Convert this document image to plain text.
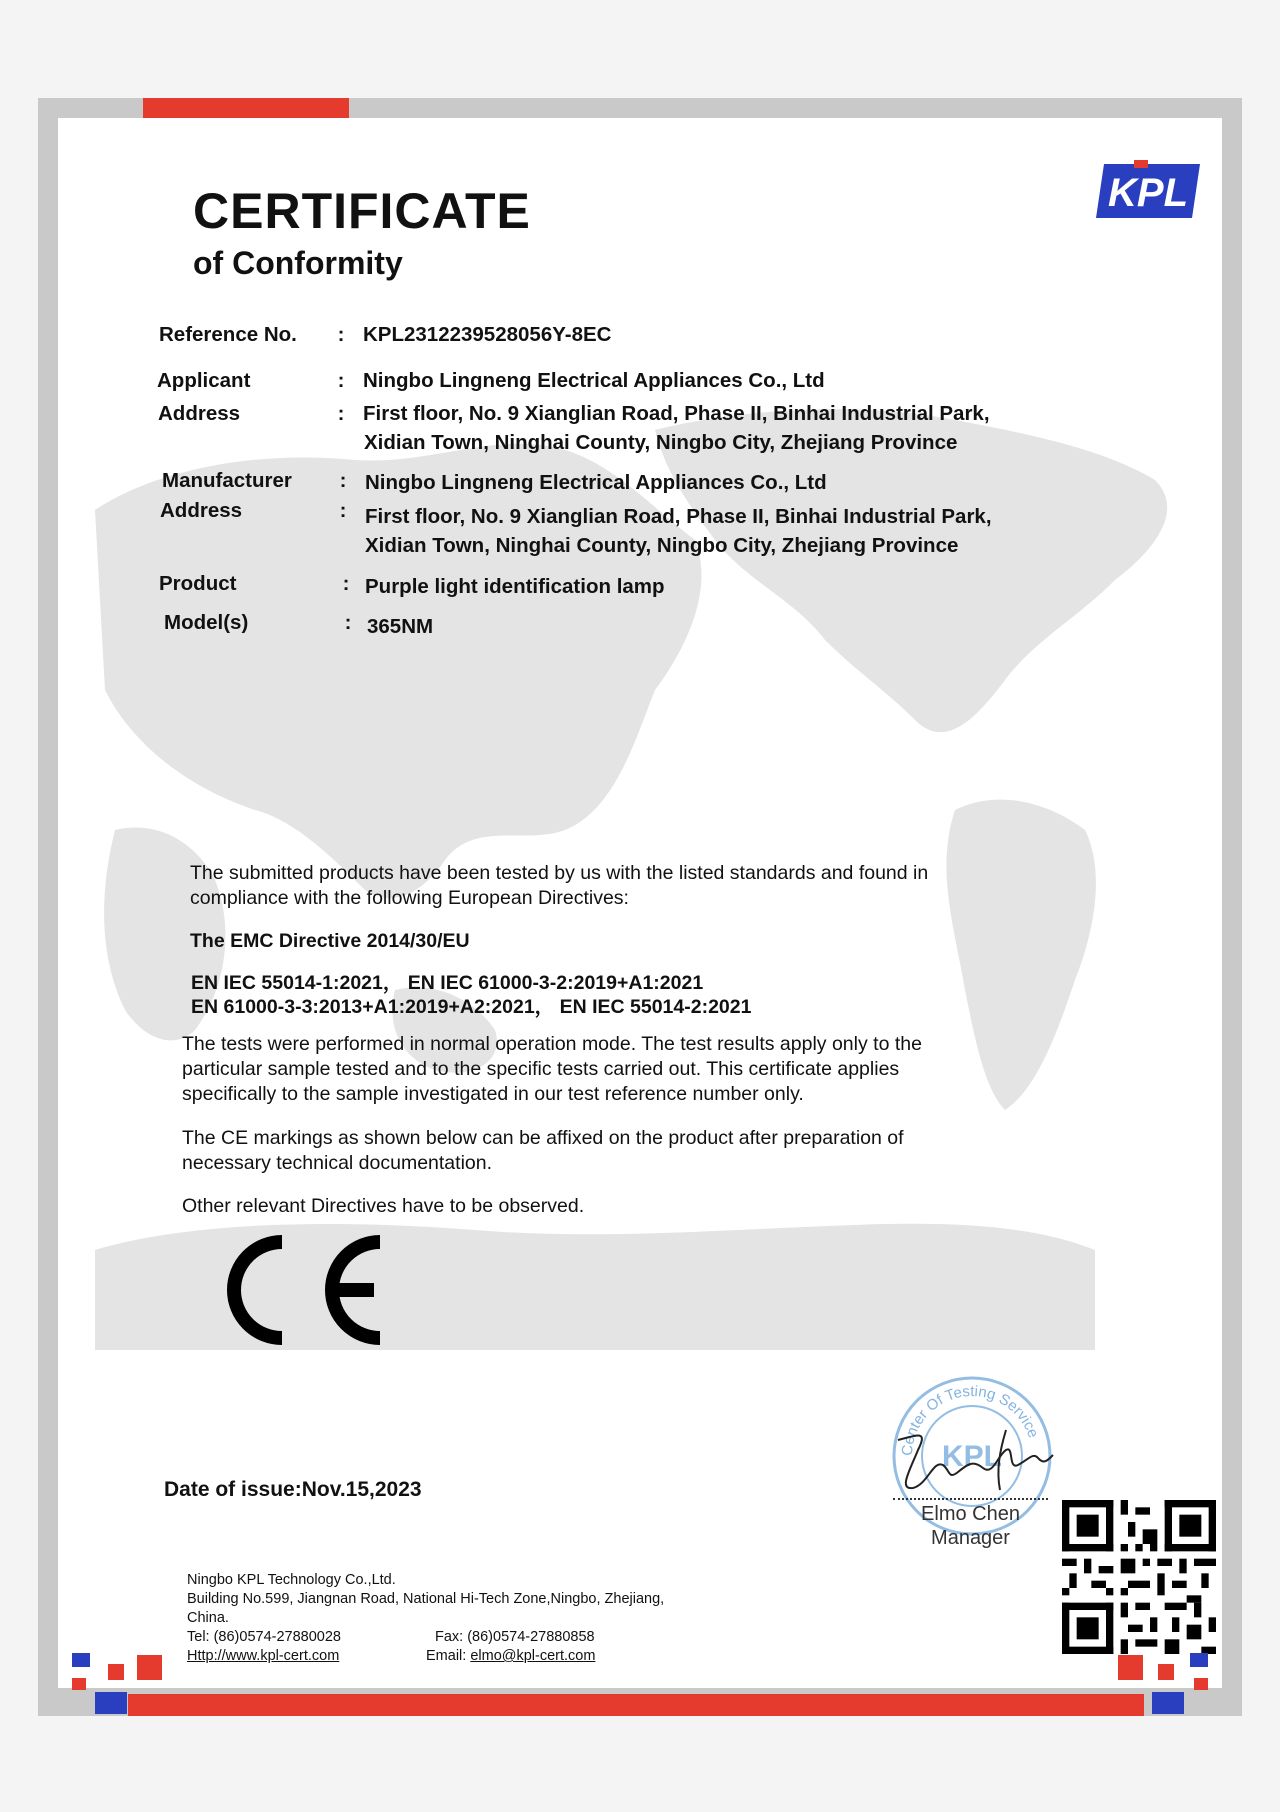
KPL
CERTIFICATE
of Conformity
Reference No. : KPL2312239528056Y-8EC
Applicant	: Ningbo Lingneng Electrical Appliances Co., Ltd
Address	: First floor, No. 9 Xianglian Road, Phase II, Binhai Industrial Park,
Xidian Town, Ninghai County, Ningbo City, Zhejiang Province
Manufacturer : Ningbo Lingneng Electrical Appliances Co., Ltd
Address	: First floor, No. 9 Xianglian Road, Phase II, Binhai Industrial Park,
Xidian Town, Ninghai County, Ningbo City, Zhejiang Province
Product	: Purple light identification lamp
Model(s)	: 365NM

The submitted products have been tested by us with the listed standards and found in

compliance with the following European Directives:

The EMC Directive 2014/30/EU

EN IEC 55014-1:2021， EN IEC 61000-3-2:2019+A1:2021

EN 61000-3-3:2013+A1:2019+A2:2021， EN IEC 55014-2:2021

The tests were performed in normal operation mode. The test results apply only to the

particular sample tested and to the specific tests carried out. This certificate applies

specifically to the sample investigated in our test reference number only.

The CE markings as shown below can be affixed on the product after preparation of

necessary technical documentation.

Other relevant Directives have to be observed.

Date of issue:Nov.15,2023
Center Of Testing Service
KPL
Elmo Chen
Manager
Ningbo KPL Technology Co.,Ltd.
Building No.599, Jiangnan Road, National Hi-Tech Zone,Ningbo, Zhejiang,
China.
Tel: (86)0574-27880028	Fax: (86)0574-27880858
Http://www.kpl-cert.com	Email: elmo@kpl-cert.com
